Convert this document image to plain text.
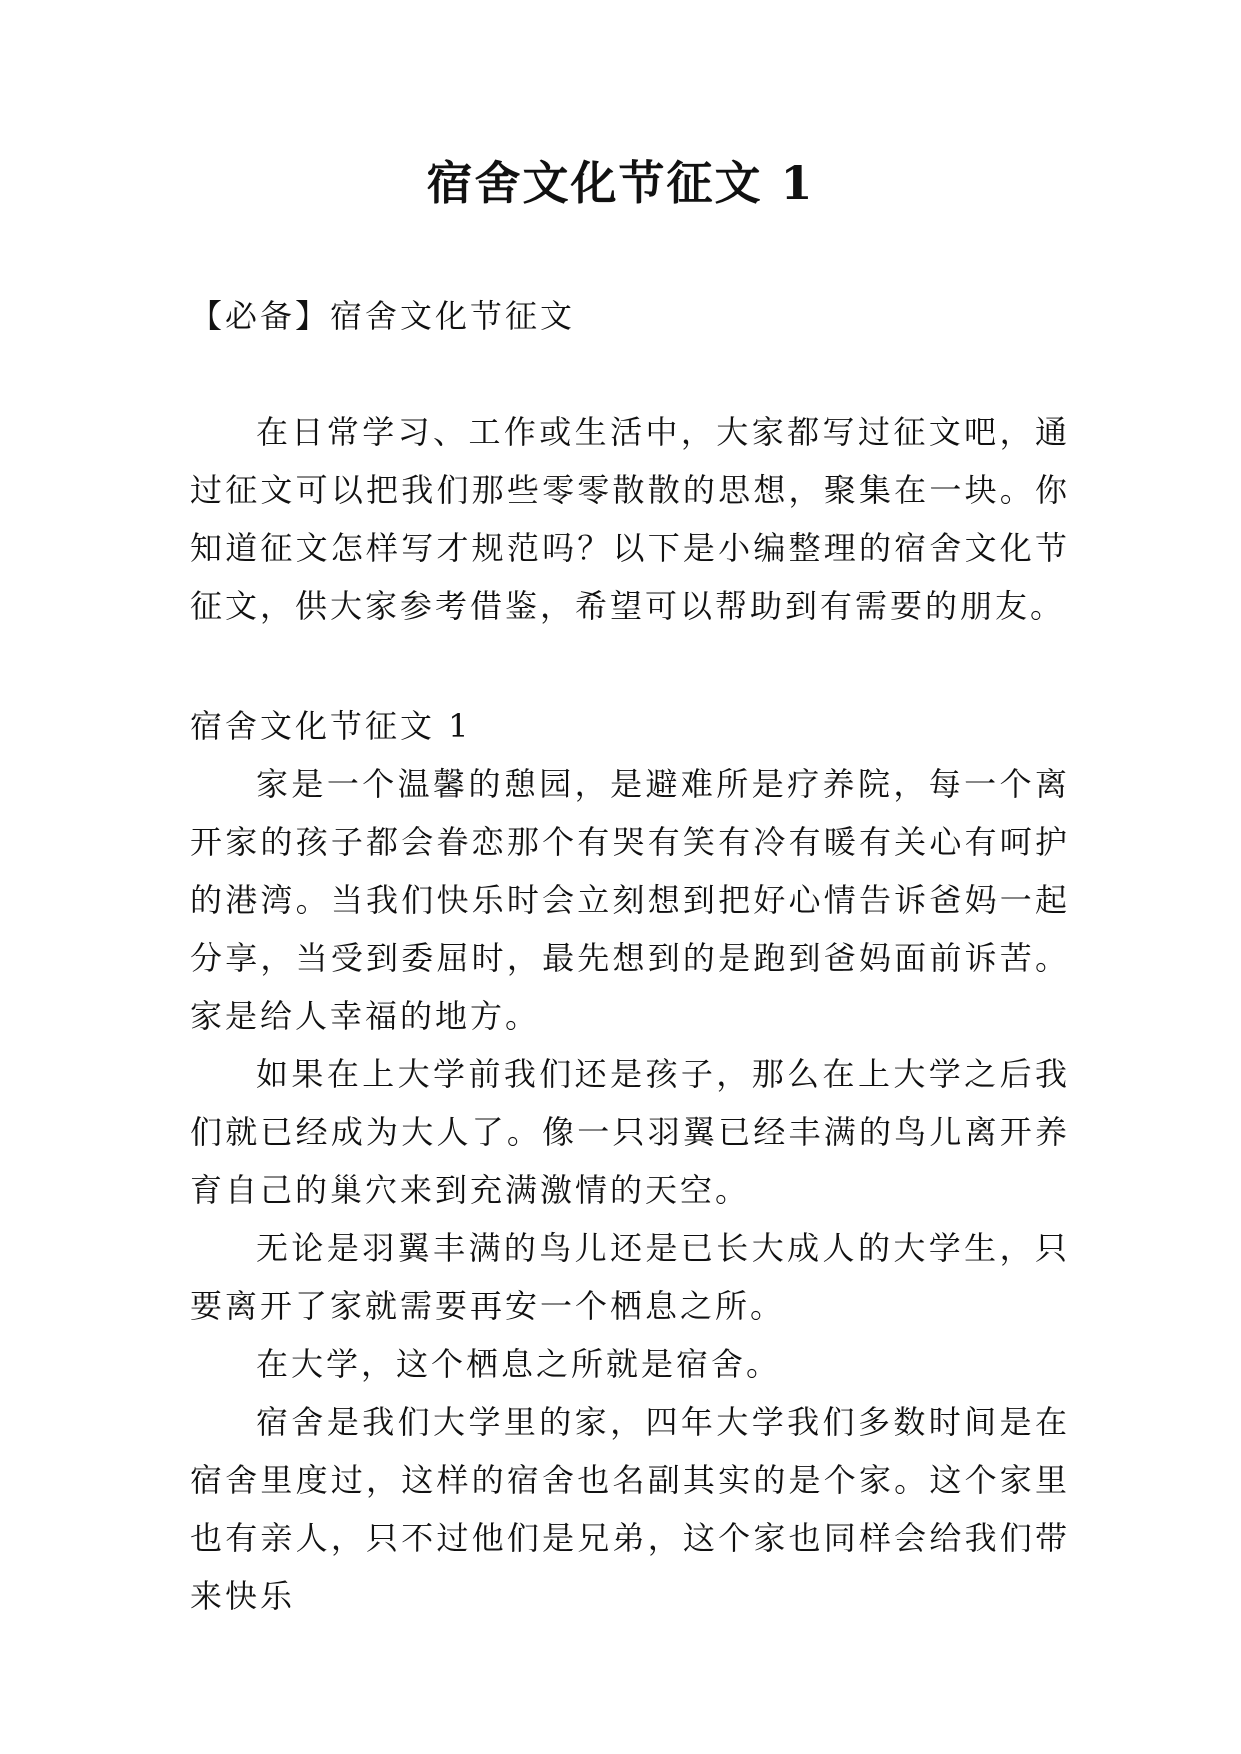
宿舍文化节征文 1

【必备】宿舍文化节征文

在日常学习、工作或生活中，大家都写过征文吧，通过征文可以把我们那些零零散散的思想，聚集在一块。你知道征文怎样写才规范吗？以下是小编整理的宿舍文化节征文，供大家参考借鉴，希望可以帮助到有需要的朋友。

宿舍文化节征文 1

家是一个温馨的憩园，是避难所是疗养院，每一个离开家的孩子都会眷恋那个有哭有笑有冷有暖有关心有呵护的港湾。当我们快乐时会立刻想到把好心情告诉爸妈一起分享，当受到委屈时，最先想到的是跑到爸妈面前诉苦。家是给人幸福的地方。

如果在上大学前我们还是孩子，那么在上大学之后我们就已经成为大人了。像一只羽翼已经丰满的鸟儿离开养育自己的巢穴来到充满激情的天空。

无论是羽翼丰满的鸟儿还是已长大成人的大学生，只要离开了家就需要再安一个栖息之所。

在大学，这个栖息之所就是宿舍。

宿舍是我们大学里的家，四年大学我们多数时间是在宿舍里度过，这样的宿舍也名副其实的是个家。这个家里也有亲人，只不过他们是兄弟，这个家也同样会给我们带来快乐
